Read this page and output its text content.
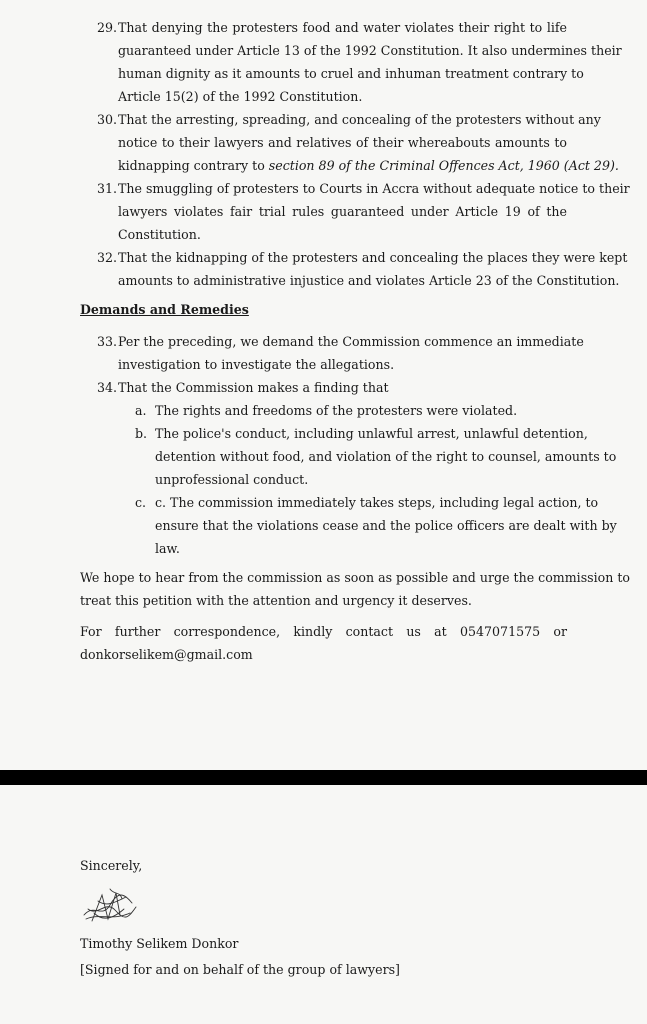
29. That denying the protesters food and water violates their right to life
guaranteed under Article 13 of the 1992 Constitution. It also undermines their
human dignity as it amounts to cruel and inhuman treatment contrary to
Article 15(2) of the 1992 Constitution.
30. That the arresting, spreading, and concealing of the protesters without any
notice to their lawyers and relatives of their whereabouts amounts to
kidnapping contrary to section 89 of the Criminal Offences Act, 1960 (Act 29).
31. The smuggling of protesters to Courts in Accra without adequate notice to their
lawyers violates fair trial rules guaranteed under Article 19 of the
Constitution.
32. That the kidnapping of the protesters and concealing the places they were kept
amounts to administrative injustice and violates Article 23 of the Constitution.
Demands and Remedies
33. Per the preceding, we demand the Commission commence an immediate
investigation to investigate the allegations.
34. That the Commission makes a finding that
a. The rights and freedoms of the protesters were violated.
b. The police's conduct, including unlawful arrest, unlawful detention,
detention without food, and violation of the right to counsel, amounts to
unprofessional conduct.
c. c. The commission immediately takes steps, including legal action, to
ensure that the violations cease and the police officers are dealt with by
law.
We hope to hear from the commission as soon as possible and urge the commission to
treat this petition with the attention and urgency it deserves.
For further correspondence, kindly contact us at 0547071575 or
donkorselikem@gmail.com
Sincerely,
Timothy Selikem Donkor
[Signed for and on behalf of the group of lawyers]
